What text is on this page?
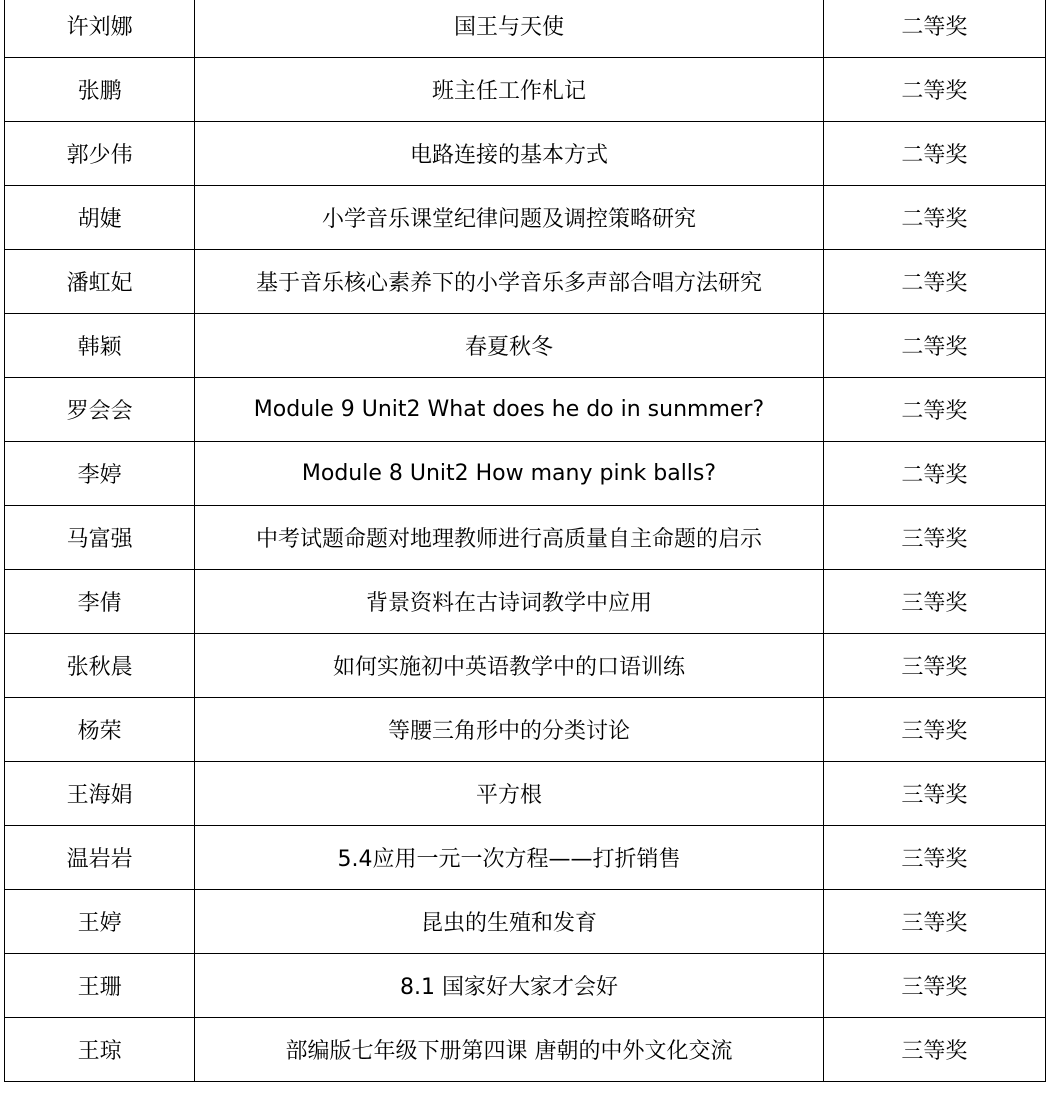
许刘娜	国王与天使	二等奖
张鹏	班主任工作札记	二等奖
郭少伟	电路连接的基本方式	二等奖
胡婕	小学音乐课堂纪律问题及调控策略研究	二等奖
潘虹妃	基于音乐核心素养下的小学音乐多声部合唱方法研究	二等奖
韩颖	春夏秋冬	二等奖
罗会会	Module 9 Unit2 What does he do in sunmmer?	二等奖
李婷	Module 8 Unit2 How many pink balls?	二等奖
马富强	中考试题命题对地理教师进行高质量自主命题的启示	三等奖
李倩	背景资料在古诗词教学中应用	三等奖
张秋晨	如何实施初中英语教学中的口语训练	三等奖
杨荣	等腰三角形中的分类讨论	三等奖
王海娟	平方根	三等奖
温岩岩	5.4应用一元一次方程——打折销售	三等奖
王婷	昆虫的生殖和发育	三等奖
王珊	8.1 国家好大家才会好	三等奖
王琼	部编版七年级下册第四课 唐朝的中外文化交流	三等奖
